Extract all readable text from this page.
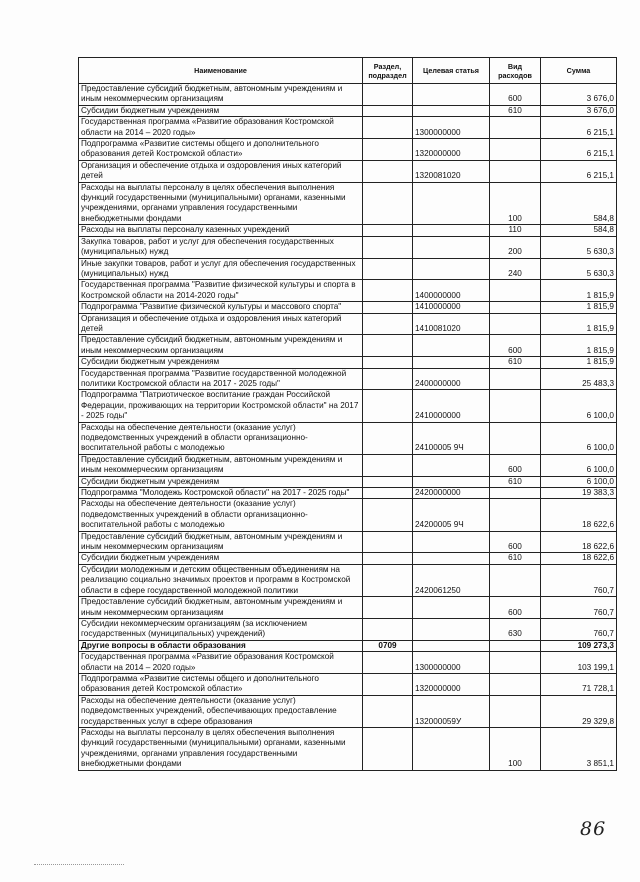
Наименование	Раздел, подраздел	Целевая статья	Вид расходов	Сумма
Предоставление субсидий бюджетным, автономным учреждениям и иным некоммерческим организациям			600	3 676,0
Субсидии бюджетным учреждениям			610	3 676,0
Государственная программа «Развитие образования Костромской области на 2014 – 2020 годы»		1300000000		6 215,1
Подпрограмма «Развитие системы общего и дополнительного образования детей Костромской области»		1320000000		6 215,1
Организация и обеспечение отдыха и оздоровления иных категорий детей		1320081020		6 215,1
Расходы на выплаты персоналу в целях обеспечения выполнения функций государственными (муниципальными) органами, казенными учреждениями, органами управления государственными внебюджетными фондами			100	584,8
Расходы на выплаты персоналу казенных учреждений			110	584,8
Закупка товаров, работ и услуг для обеспечения государственных (муниципальных) нужд			200	5 630,3
Иные закупки товаров, работ и услуг для обеспечения государственных (муниципальных) нужд			240	5 630,3
Государственная программа "Развитие физической культуры и спорта в Костромской области на 2014-2020 годы"		1400000000		1 815,9
Подпрограмма "Развитие физической культуры и массового спорта"		1410000000		1 815,9
Организация и обеспечение отдыха и оздоровления иных категорий детей		1410081020		1 815,9
Предоставление субсидий бюджетным, автономным учреждениям и иным некоммерческим организациям			600	1 815,9
Субсидии бюджетным учреждениям			610	1 815,9
Государственная программа "Развитие государственной молодежной политики Костромской области на 2017 - 2025 годы"		2400000000		25 483,3
Подпрограмма "Патриотическое воспитание граждан Российской Федерации, проживающих на территории Костромской области" на 2017 - 2025 годы"		2410000000		6 100,0
Расходы на обеспечение деятельности (оказание услуг) подведомственных учреждений в области организационно-воспитательной работы с молодежью		24100005 9Ч		6 100,0
Предоставление субсидий бюджетным, автономным учреждениям и иным некоммерческим организациям			600	6 100,0
Субсидии бюджетным учреждениям			610	6 100,0
Подпрограмма "Молодежь Костромской области" на 2017 - 2025 годы"		2420000000		19 383,3
Расходы на обеспечение деятельности (оказание услуг) подведомственных учреждений в области организационно-воспитательной работы с молодежью		24200005 9Ч		18 622,6
Предоставление субсидий бюджетным, автономным учреждениям и иным некоммерческим организациям			600	18 622,6
Субсидии бюджетным учреждениям			610	18 622,6
Субсидии молодежным и детским общественным объединениям на реализацию социально значимых проектов и программ в Костромской области в сфере государственной молодежной политики		2420061250		760,7
Предоставление субсидий бюджетным, автономным учреждениям и иным некоммерческим организациям			600	760,7
Субсидии некоммерческим организациям (за исключением государственных (муниципальных) учреждений)			630	760,7
Другие вопросы в области образования	0709			109 273,3
Государственная программа «Развитие образования Костромской области на 2014 – 2020 годы»		1300000000		103 199,1
Подпрограмма «Развитие системы общего и дополнительного образования детей Костромской области»		1320000000		71 728,1
Расходы на обеспечение деятельности (оказание услуг) подведомственных учреждений, обеспечивающих предоставление государственных услуг в сфере образования		132000059У		29 329,8
Расходы на выплаты персоналу в целях обеспечения выполнения функций государственными (муниципальными) органами, казенными учреждениями, органами управления государственными внебюджетными фондами			100	3 851,1
86
